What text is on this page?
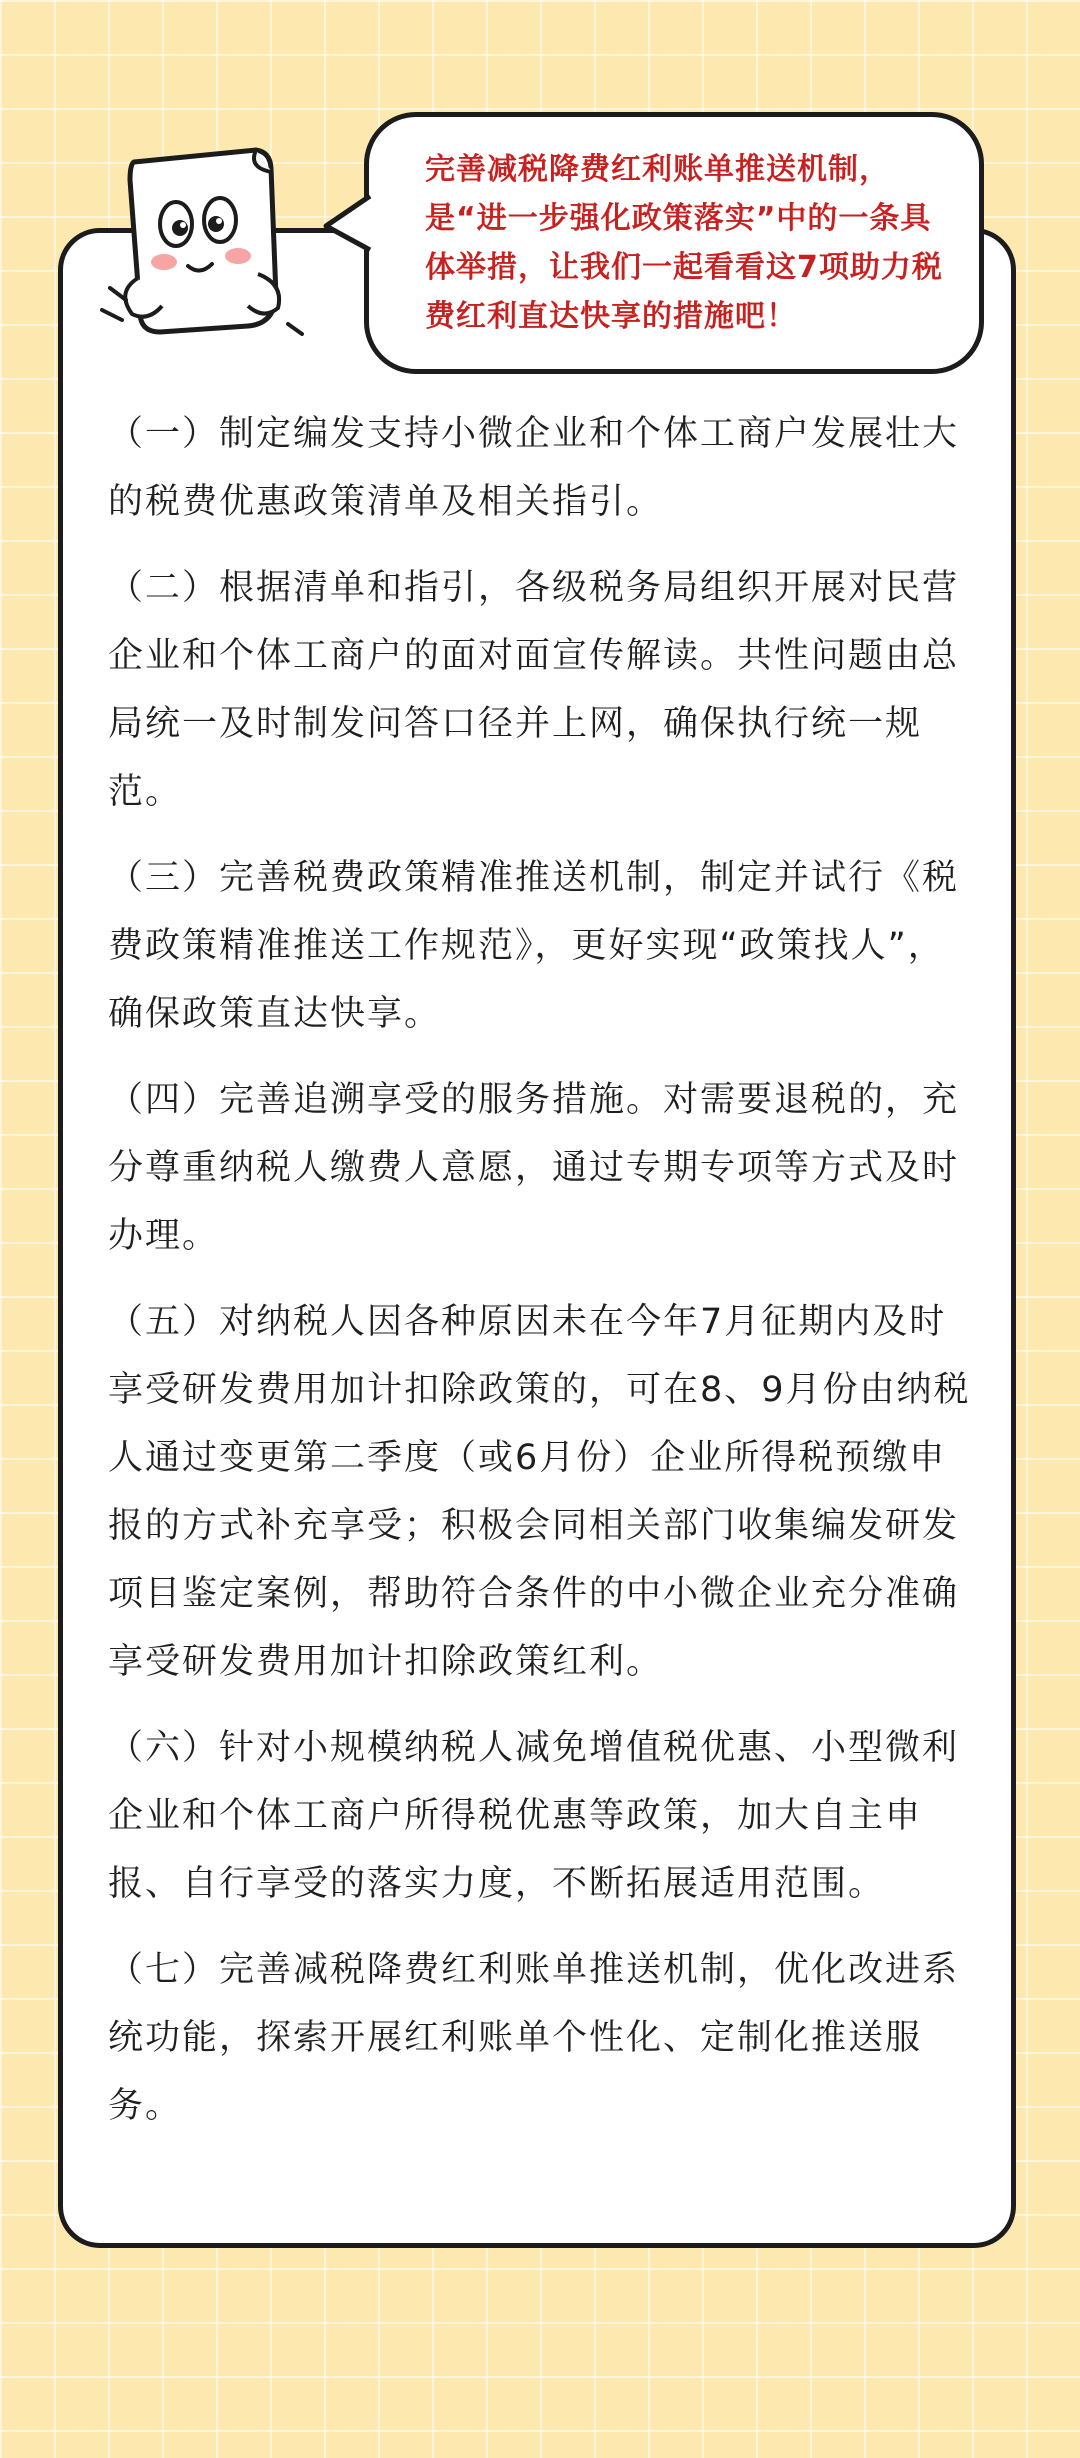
完善减税降费红利账单推送机制，是“进一步强化政策落实”中的一条具体举措，让我们一起看看这7项助力税费红利直达快享的措施吧！

（一）制定编发支持小微企业和个体工商户发展壮大的税费优惠政策清单及相关指引。

（二）根据清单和指引，各级税务局组织开展对民营企业和个体工商户的面对面宣传解读。共性问题由总局统一及时制发问答口径并上网，确保执行统一规范。

（三）完善税费政策精准推送机制，制定并试行《税费政策精准推送工作规范》，更好实现“政策找人”，确保政策直达快享。

（四）完善追溯享受的服务措施。对需要退税的，充分尊重纳税人缴费人意愿，通过专期专项等方式及时办理。

（五）对纳税人因各种原因未在今年7月征期内及时享受研发费用加计扣除政策的，可在8、9月份由纳税人通过变更第二季度（或6月份）企业所得税预缴申报的方式补充享受；积极会同相关部门收集编发研发项目鉴定案例，帮助符合条件的中小微企业充分准确享受研发费用加计扣除政策红利。

（六）针对小规模纳税人减免增值税优惠、小型微利企业和个体工商户所得税优惠等政策，加大自主申报、自行享受的落实力度，不断拓展适用范围。

（七）完善减税降费红利账单推送机制，优化改进系统功能，探索开展红利账单个性化、定制化推送服务。
